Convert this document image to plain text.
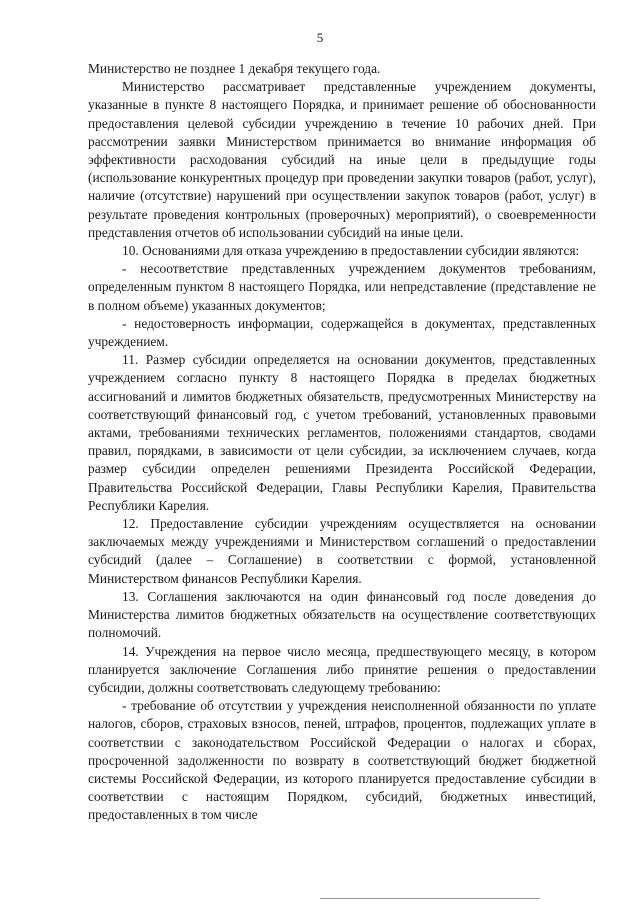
5

Министерство не позднее 1 декабря текущего года.

Министерство рассматривает представленные учреждением документы, указанные в пункте 8 настоящего Порядка, и принимает решение об обоснованности предоставления целевой субсидии учреждению в течение 10 рабочих дней. При рассмотрении заявки Министерством принимается во внимание информация об эффективности расходования субсидий на иные цели в предыдущие годы (использование конкурентных процедур при проведении закупки товаров (работ, услуг), наличие (отсутствие) нарушений при осуществлении закупок товаров (работ, услуг) в результате проведения контрольных (проверочных) мероприятий), о своевременности представления отчетов об использовании субсидий на иные цели.

10. Основаниями для отказа учреждению в предоставлении субсидии являются:

- несоответствие представленных учреждением документов требованиям, определенным пунктом 8 настоящего Порядка, или непредставление (представление не в полном объеме) указанных документов;

- недостоверность информации, содержащейся в документах, представленных учреждением.

11. Размер субсидии определяется на основании документов, представленных учреждением согласно пункту 8 настоящего Порядка в пределах бюджетных ассигнований и лимитов бюджетных обязательств, предусмотренных Министерству на соответствующий финансовый год, с учетом требований, установленных правовыми актами, требованиями технических регламентов, положениями стандартов, сводами правил, порядками, в зависимости от цели субсидии, за исключением случаев, когда размер субсидии определен решениями Президента Российской Федерации, Правительства Российской Федерации, Главы Республики Карелия, Правительства Республики Карелия.

12. Предоставление субсидии учреждениям осуществляется на основании заключаемых между учреждениями и Министерством соглашений о предоставлении субсидий (далее – Соглашение) в соответствии с формой, установленной Министерством финансов Республики Карелия.

13. Соглашения заключаются на один финансовый год после доведения до Министерства лимитов бюджетных обязательств на осуществление соответствующих полномочий.

14. Учреждения на первое число месяца, предшествующего месяцу, в котором планируется заключение Соглашения либо принятие решения о предоставлении субсидии, должны соответствовать следующему требованию:

- требование об отсутствии у учреждения неисполненной обязанности по уплате налогов, сборов, страховых взносов, пеней, штрафов, процентов, подлежащих уплате в соответствии с законодательством Российской Федерации о налогах и сборах, просроченной задолженности по возврату в соответствующий бюджет бюджетной системы Российской Федерации, из которого планируется предоставление субсидии в соответствии с настоящим Порядком, субсидий, бюджетных инвестиций, предоставленных в том числе
